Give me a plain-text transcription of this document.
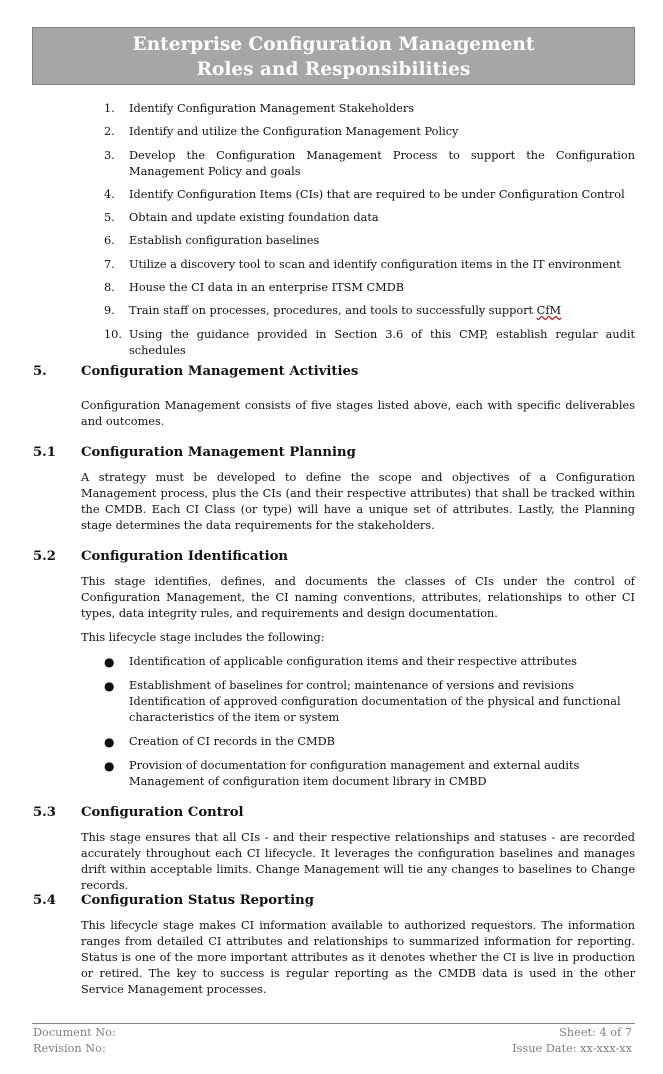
Enterprise Configuration Management
Roles and Responsibilities
1. Identify Configuration Management Stakeholders
2. Identify and utilize the Configuration Management Policy
3. Develop the Configuration Management Process to support the Configuration Management Policy and goals
4. Identify Configuration Items (CIs) that are required to be under Configuration Control
5. Obtain and update existing foundation data
6. Establish configuration baselines
7. Utilize a discovery tool to scan and identify configuration items in the IT environment
8. House the CI data in an enterprise ITSM CMDB
9. Train staff on processes, procedures, and tools to successfully support CfM
10. Using the guidance provided in Section 3.6 of this CMP, establish regular audit schedules
5.	Configuration Management Activities

Configuration Management consists of five stages listed above, each with specific deliverables and outcomes.

5.1 Configuration Management Planning

A strategy must be developed to define the scope and objectives of a Configuration Management process, plus the CIs (and their respective attributes) that shall be tracked within the CMDB. Each CI Class (or type) will have a unique set of attributes. Lastly, the Planning stage determines the data requirements for the stakeholders.

5.2 Configuration Identification

This stage identifies, defines, and documents the classes of CIs under the control of Configuration Management, the CI naming conventions, attributes, relationships to other CI types, data integrity rules, and requirements and design documentation.

This lifecycle stage includes the following:

● Identification of applicable configuration items and their respective attributes
● Establishment of baselines for control; maintenance of versions and revisions
Identification of approved configuration documentation of the physical and functional characteristics of the item or system
● Creation of CI records in the CMDB
● Provision of documentation for configuration management and external audits
Management of configuration item document library in CMBD
5.3 Configuration Control

This stage ensures that all CIs - and their respective relationships and statuses - are recorded accurately throughout each CI lifecycle. It leverages the configuration baselines and manages drift within acceptable limits. Change Management will tie any changes to baselines to Change records.

5.4 Configuration Status Reporting

This lifecycle stage makes CI information available to authorized requestors. The information ranges from detailed CI attributes and relationships to summarized information for reporting. Status is one of the more important attributes as it denotes whether the CI is live in production or retired. The key to success is regular reporting as the CMDB data is used in the other Service Management processes.

Document No:
Revision No:
Sheet: 4 of 7
Issue Date: xx-xxx-xx
